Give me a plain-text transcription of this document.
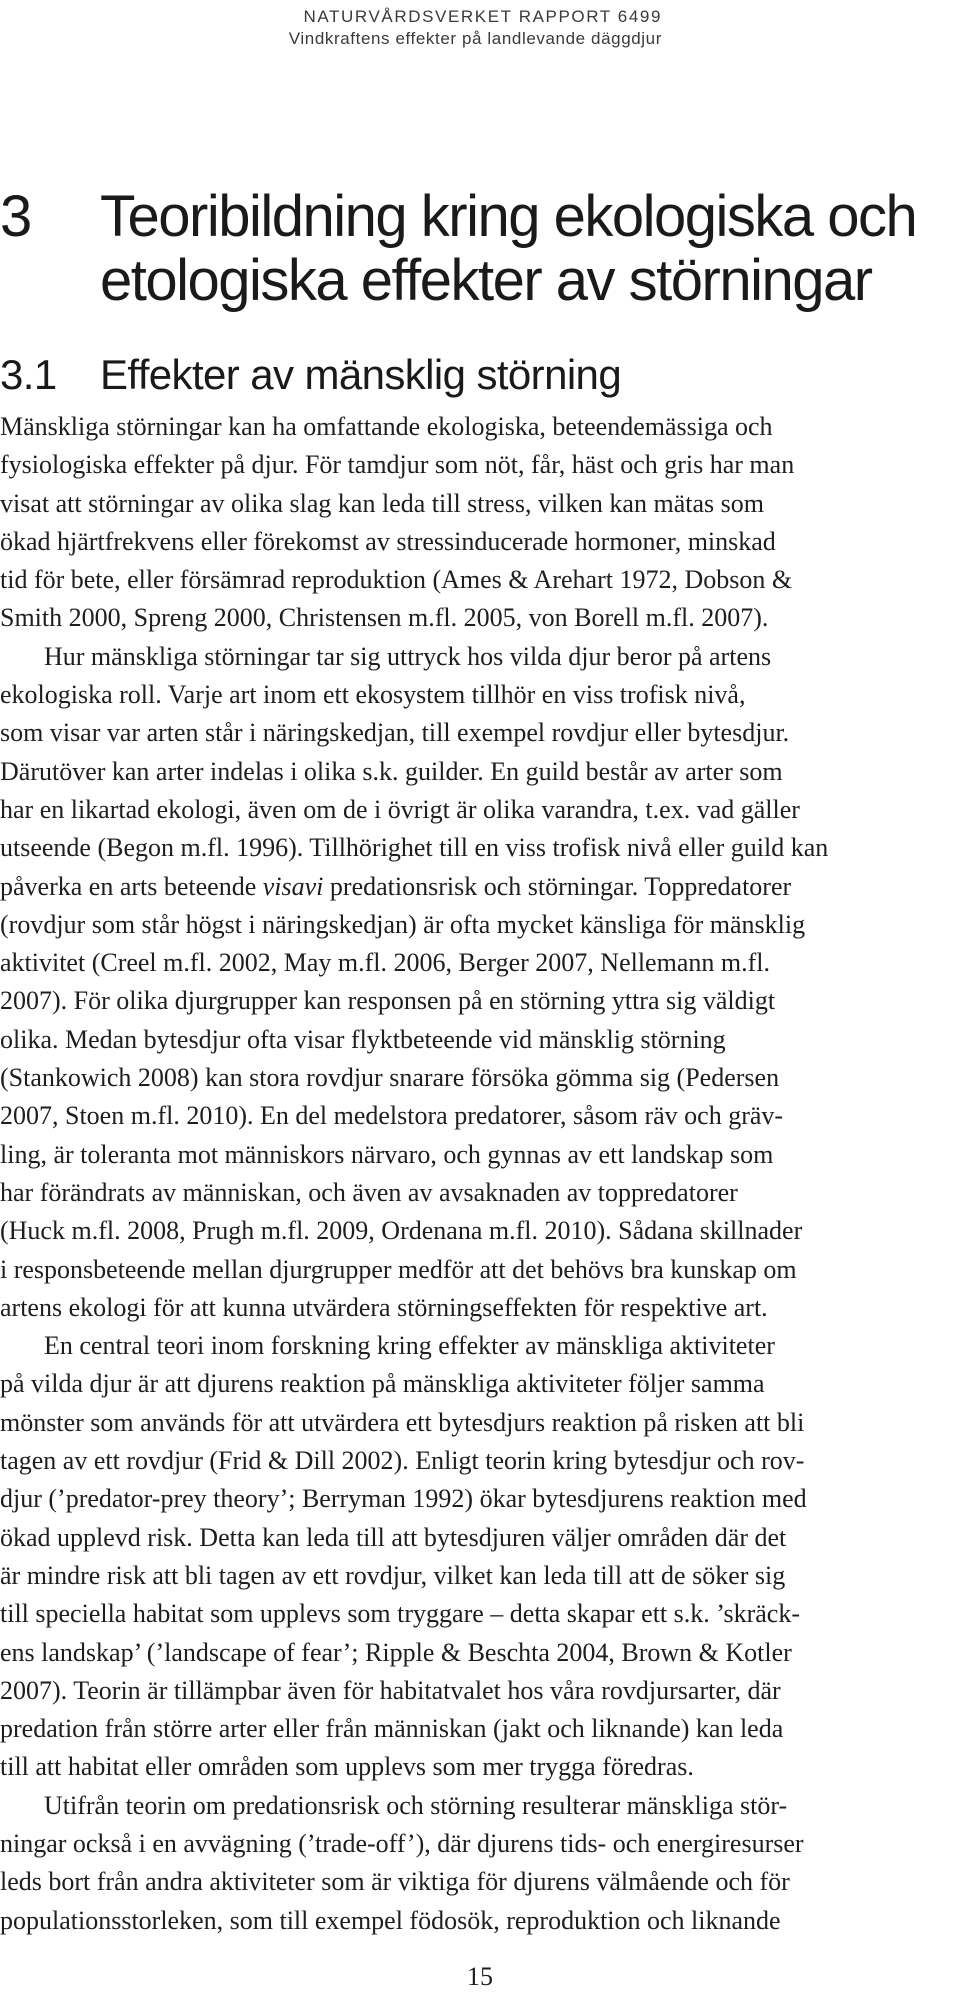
NATURVÅRDSVERKET RAPPORT 6499
Vindkraftens effekter på landlevande däggdjur
3 Teoribildning kring ekologiska och
etologiska effekter av störningar
3.1 Effekter av mänsklig störning

Mänskliga störningar kan ha omfattande ekologiska, beteendemässiga och
fysiologiska effekter på djur. För tamdjur som nöt, får, häst och gris har man
visat att störningar av olika slag kan leda till stress, vilken kan mätas som
ökad hjärtfrekvens eller förekomst av stressinducerade hormoner, minskad
tid för bete, eller försämrad reproduktion (Ames & Arehart 1972, Dobson &
Smith 2000, Spreng 2000, Christensen m.fl. 2005, von Borell m.fl. 2007).

Hur mänskliga störningar tar sig uttryck hos vilda djur beror på artens
ekologiska roll. Varje art inom ett ekosystem tillhör en viss trofisk nivå,
som visar var arten står i näringskedjan, till exempel rovdjur eller bytesdjur.
Därutöver kan arter indelas i olika s.k. guilder. En guild består av arter som
har en likartad ekologi, även om de i övrigt är olika varandra, t.ex. vad gäller
utseende (Begon m.fl. 1996). Tillhörighet till en viss trofisk nivå eller guild kan
påverka en arts beteende visavi predationsrisk och störningar. Toppredatorer
(rovdjur som står högst i näringskedjan) är ofta mycket känsliga för mänsklig
aktivitet (Creel m.fl. 2002, May m.fl. 2006, Berger 2007, Nellemann m.fl.
2007). För olika djurgrupper kan responsen på en störning yttra sig väldigt
olika. Medan bytesdjur ofta visar flyktbeteende vid mänsklig störning
(Stankowich 2008) kan stora rovdjur snarare försöka gömma sig (Pedersen
2007, Stoen m.fl. 2010). En del medelstora predatorer, såsom räv och gräv-
ling, är toleranta mot människors närvaro, och gynnas av ett landskap som
har förändrats av människan, och även av avsaknaden av toppredatorer
(Huck m.fl. 2008, Prugh m.fl. 2009, Ordenana m.fl. 2010). Sådana skillnader
i responsbeteende mellan djurgrupper medför att det behövs bra kunskap om
artens ekologi för att kunna utvärdera störningseffekten för respektive art.

En central teori inom forskning kring effekter av mänskliga aktiviteter
på vilda djur är att djurens reaktion på mänskliga aktiviteter följer samma
mönster som används för att utvärdera ett bytesdjurs reaktion på risken att bli
tagen av ett rovdjur (Frid & Dill 2002). Enligt teorin kring bytesdjur och rov-
djur (’predator-prey theory’; Berryman 1992) ökar bytesdjurens reaktion med
ökad upplevd risk. Detta kan leda till att bytesdjuren väljer områden där det
är mindre risk att bli tagen av ett rovdjur, vilket kan leda till att de söker sig
till speciella habitat som upplevs som tryggare – detta skapar ett s.k. ’skräck-
ens landskap’ (’landscape of fear’; Ripple & Beschta 2004, Brown & Kotler
2007). Teorin är tillämpbar även för habitatvalet hos våra rovdjursarter, där
predation från större arter eller från människan (jakt och liknande) kan leda
till att habitat eller områden som upplevs som mer trygga föredras.

Utifrån teorin om predationsrisk och störning resulterar mänskliga stör-
ningar också i en avvägning (’trade-off’), där djurens tids- och energiresurser
leds bort från andra aktiviteter som är viktiga för djurens välmående och för
populationsstorleken, som till exempel födosök, reproduktion och liknande

15
